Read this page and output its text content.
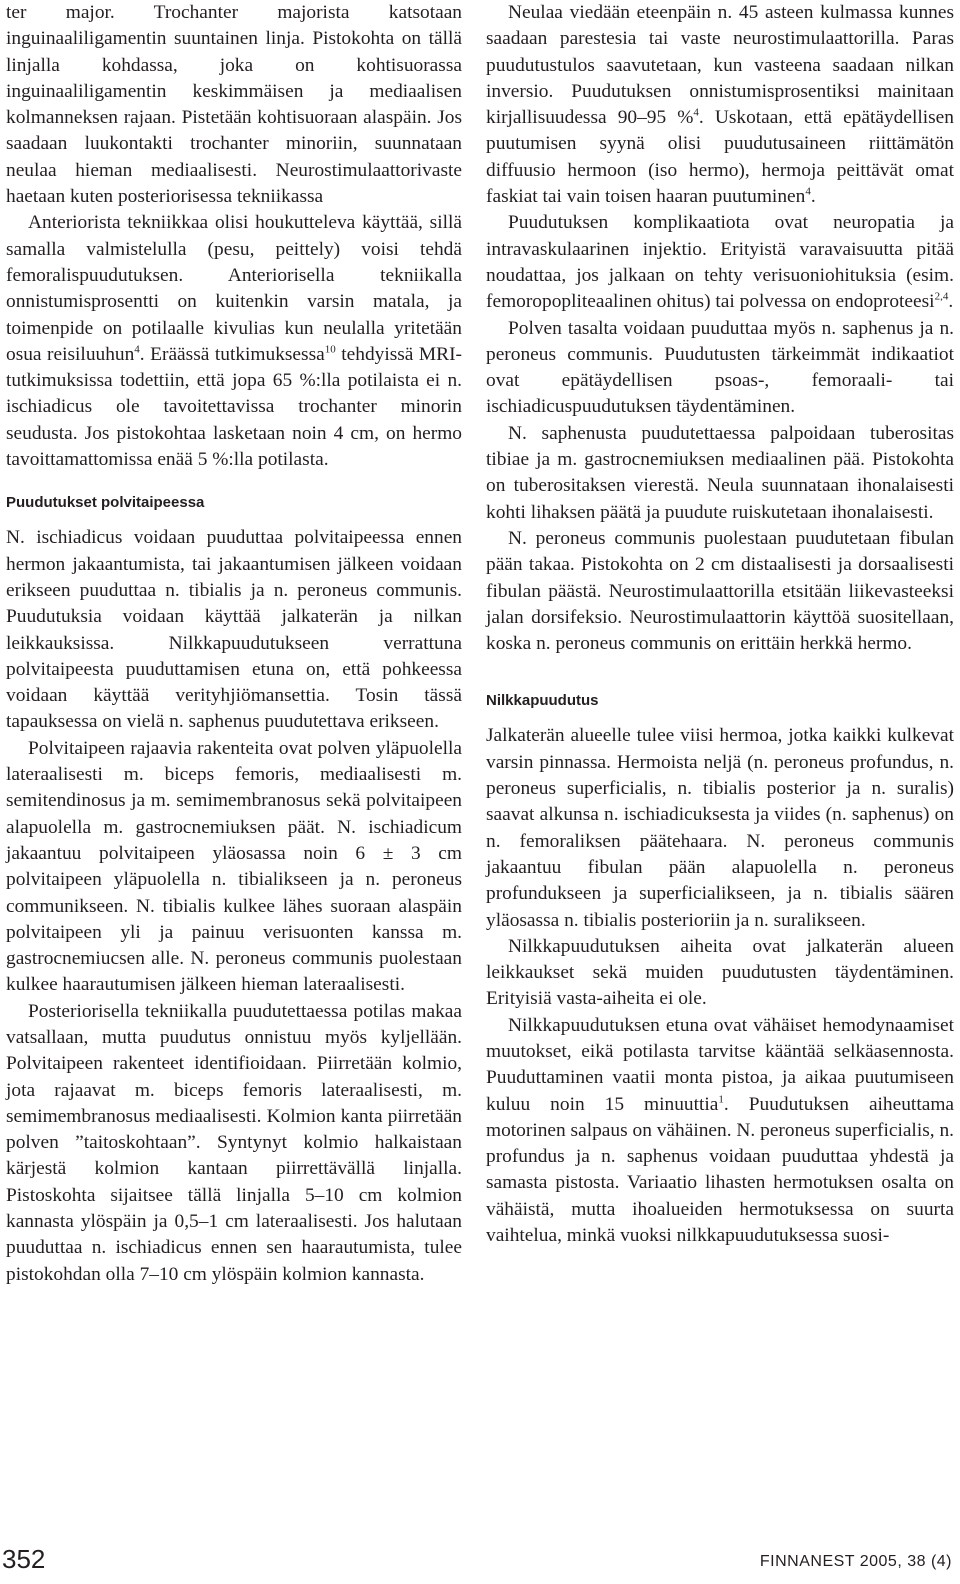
ter major. Trochanter majorista katsotaan inguinaaliligamentin suuntainen linja. Pistokohta on tällä linjalla kohdassa, joka on kohtisuorassa inguinaaliligamentin keskimmäisen ja mediaalisen kolmanneksen rajaan. Pistetään kohtisuoraan alaspäin. Jos saadaan luukontakti trochanter minoriin, suunnataan neulaa hieman mediaalisesti. Neurostimulaattorivaste haetaan kuten posteriorisessa tekniikassa

Anteriorista tekniikkaa olisi houkutteleva käyttää, sillä samalla valmistelulla (pesu, peittely) voisi tehdä femoralispuudutuksen. Anteriorisella tekniikalla onnistumisprosentti on kuitenkin varsin matala, ja toimenpide on potilaalle kivulias kun neulalla yritetään osua reisiluuhun$^4$. Eräässä tutkimuksessa$^{10}$ tehdyissä MRI-tutkimuksissa todettiin, että jopa 65 %:lla potilaista ei n. ischiadicus ole tavoitettavissa trochanter minorin seudusta. Jos pistokohtaa lasketaan noin 4 cm, on hermo tavoittamattomissa enää 5 %:lla potilasta.

Puudutukset polvitaipeessa

N. ischiadicus voidaan puuduttaa polvitaipeessa ennen hermon jakaantumista, tai jakaantumisen jälkeen voidaan erikseen puuduttaa n. tibialis ja n. peroneus communis. Puudutuksia voidaan käyttää jalkaterän ja nilkan leikkauksissa. Nilkkapuudutukseen verrattuna polvitaipeesta puuduttamisen etuna on, että pohkeessa voidaan käyttää verityhjiömansettia. Tosin tässä tapauksessa on vielä n. saphenus puudutettava erikseen.

Polvitaipeen rajaavia rakenteita ovat polven yläpuolella lateraalisesti m. biceps femoris, mediaalisesti m. semitendinosus ja m. semimembranosus sekä polvitaipeen alapuolella m. gastrocnemiuksen päät. N. ischiadicum jakaantuu polvitaipeen yläosassa noin 6 ± 3 cm polvitaipeen yläpuolella n. tibialikseen ja n. peroneus communikseen. N. tibialis kulkee lähes suoraan alaspäin polvitaipeen yli ja painuu verisuonten kanssa m. gastrocnemiucsen alle. N. peroneus communis puolestaan kulkee haarautumisen jälkeen hieman lateraalisesti.

Posteriorisella tekniikalla puudutettaessa potilas makaa vatsallaan, mutta puudutus onnistuu myös kyljellään. Polvitaipeen rakenteet identifioidaan. Piirretään kolmio, jota rajaavat m. biceps femoris lateraalisesti, m. semimembranosus mediaalisesti. Kolmion kanta piirretään polven ”taitoskohtaan”. Syntynyt kolmio halkaistaan kärjestä kolmion kantaan piirrettävällä linjalla. Pistoskohta sijaitsee tällä linjalla 5–10 cm kolmion kannasta ylöspäin ja 0,5–1 cm lateraalisesti. Jos halutaan puuduttaa n. ischiadicus ennen sen haarautumista, tulee pistokohdan olla 7–10 cm ylöspäin kolmion kannasta.

Neulaa viedään eteenpäin n. 45 asteen kulmassa kunnes saadaan parestesia tai vaste neurostimulaattorilla. Paras puudutustulos saavutetaan, kun vasteena saadaan nilkan inversio. Puudutuksen onnistumisprosentiksi mainitaan kirjallisuudessa 90–95 %$^4$. Uskotaan, että epätäydellisen puutumisen syynä olisi puudutusaineen riittämätön diffuusio hermoon (iso hermo), hermoja peittävät omat faskiat tai vain toisen haaran puutuminen$^4$.

Puudutuksen komplikaatiota ovat neuropatia ja intravaskulaarinen injektio. Erityistä varavaisuutta pitää noudattaa, jos jalkaan on tehty verisuoniohituksia (esim. femoropopliteaalinen ohitus) tai polvessa on endoproteesi$^{2,4}$.

Polven tasalta voidaan puuduttaa myös n. saphenus ja n. peroneus communis. Puudutusten tärkeimmät indikaatiot ovat epätäydellisen psoas-, femoraali- tai ischiadicuspuudutuksen täydentäminen.

N. saphenusta puudutettaessa palpoidaan tuberositas tibiae ja m. gastrocnemiuksen mediaalinen pää. Pistokohta on tuberositaksen vierestä. Neula suunnataan ihonalaisesti kohti lihaksen päätä ja puudute ruiskutetaan ihonalaisesti.

N. peroneus communis puolestaan puudutetaan fibulan pään takaa. Pistokohta on 2 cm distaalisesti ja dorsaalisesti fibulan päästä. Neurostimulaattorilla etsitään liikevasteeksi jalan dorsifeksio. Neurostimulaattorin käyttöä suositellaan, koska n. peroneus communis on erittäin herkkä hermo.

Nilkkapuudutus

Jalkaterän alueelle tulee viisi hermoa, jotka kaikki kulkevat varsin pinnassa. Hermoista neljä (n. peroneus profundus, n. peroneus superficialis, n. tibialis posterior ja n. suralis) saavat alkunsa n. ischiadicuksesta ja viides (n. saphenus) on n. femoraliksen päätehaara. N. peroneus communis jakaantuu fibulan pään alapuolella n. peroneus profundukseen ja superficialikseen, ja n. tibialis säären yläosassa n. tibialis posterioriin ja n. suralikseen.

Nilkkapuudutuksen aiheita ovat jalkaterän alueen leikkaukset sekä muiden puudutusten täydentäminen. Erityisiä vasta-aiheita ei ole.

Nilkkapuudutuksen etuna ovat vähäiset hemodynaamiset muutokset, eikä potilasta tarvitse kääntää selkäasennosta. Puuduttaminen vaatii monta pistoa, ja aikaa puutumiseen kuluu noin 15 minuuttia$^1$. Puudutuksen aiheuttama motorinen salpaus on vähäinen. N. peroneus superficialis, n. profundus ja n. saphenus voidaan puuduttaa yhdestä ja samasta pistosta. Variaatio lihasten hermotuksen osalta on vähäistä, mutta ihoalueiden hermotuksessa on suurta vaihtelua, minkä vuoksi nilkkapuudutuksessa suosi-

352	FINNANEST 2005, 38 (4)
